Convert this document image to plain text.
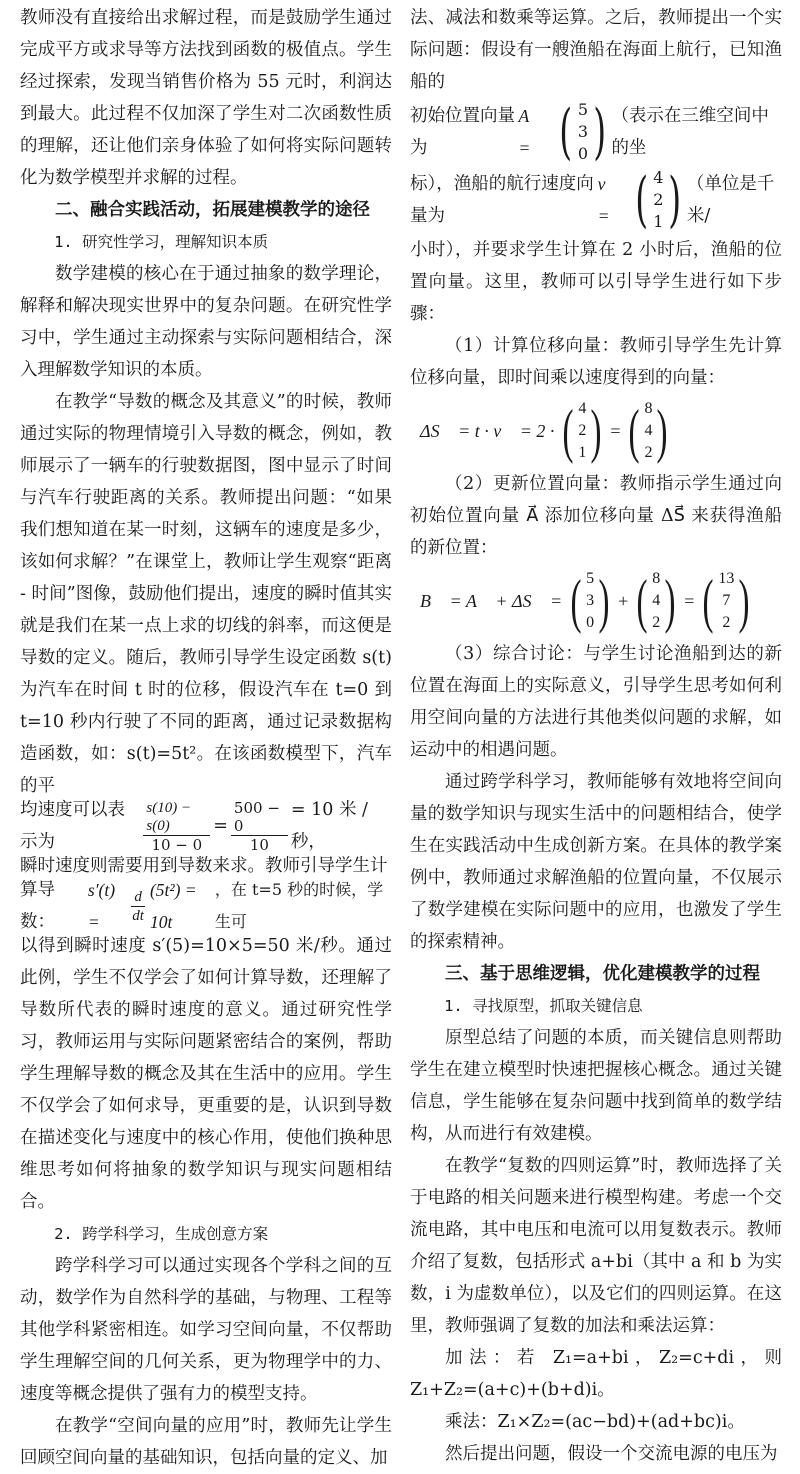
教师没有直接给出求解过程，而是鼓励学生通过完成平方或求导等方法找到函数的极值点。学生经过探索，发现当销售价格为 55 元时，利润达到最大。此过程不仅加深了学生对二次函数性质的理解，还让他们亲身体验了如何将实际问题转化为数学模型并求解的过程。

二、融合实践活动，拓展建模教学的途径

1. 研究性学习，理解知识本质

数学建模的核心在于通过抽象的数学理论，解释和解决现实世界中的复杂问题。在研究性学习中，学生通过主动探索与实际问题相结合，深入理解数学知识的本质。

在教学“导数的概念及其意义”的时候，教师通过实际的物理情境引入导数的概念，例如，教师展示了一辆车的行驶数据图，图中显示了时间与汽车行驶距离的关系。教师提出问题：“如果我们想知道在某一时刻，这辆车的速度是多少，该如何求解？”在课堂上，教师让学生观察“距离 - 时间”图像，鼓励他们提出，速度的瞬时值其实就是我们在某一点上求的切线的斜率，而这便是导数的定义。随后，教师引导学生设定函数 s(t) 为汽车在时间 t 时的位移，假设汽车在 t=0 到 t=10 秒内行驶了不同的距离，通过记录数据构造函数，如：s(t)=5t²。在该函数模型下，汽车的平

均速度可以表示为	$\frac{s(10) - s(0)}{10 - 0} = \frac{500 - 0}{10} = 10$ 米 / 秒，

瞬时速度则需要用到导数来求。教师引导学生计

算导数：
s′(t) =	$\frac{d}{dt} (5t^2) = 10t$
，在 t=5 秒的时候，学生可

以得到瞬时速度 s′(5)=10×5=50 米/秒。通过此例，学生不仅学会了如何计算导数，还理解了导数所代表的瞬时速度的意义。通过研究性学习，教师运用与实际问题紧密结合的案例，帮助学生理解导数的概念及其在生活中的应用。学生不仅学会了如何求导，更重要的是，认识到导数在描述变化与速度中的核心作用，使他们换种思维思考如何将抽象的数学知识与现实问题相结合。

2. 跨学科学习，生成创意方案

跨学科学习可以通过实现各个学科之间的互动，数学作为自然科学的基础，与物理、工程等其他学科紧密相连。如学习空间向量，不仅帮助学生理解空间的几何关系，更为物理学中的力、速度等概念提供了强有力的模型支持。

在教学“空间向量的应用”时，教师先让学生回顾空间向量的基础知识，包括向量的定义、加

法、减法和数乘等运算。之后，教师提出一个实际问题：假设有一艘渔船在海面上航行，已知渔船的

初始位置向量为
A⃗ = ( 5
3
0 ) （表示在三维空间中的坐
标），渔船的航行速度向量为
v⃗ = ( 4
2
1 ) （单位是千米/

小时），并要求学生计算在 2 小时后，渔船的位置向量。这里，教师可以引导学生进行如下步骤：

（1）计算位移向量：教师引导学生先计算位移向量，即时间乘以速度得到的向量：

ΔS⃗ = t · v⃗ = 2 · ( 4
2
1 ) = ( 8
4
2 )

（2）更新位置向量：教师指示学生通过向初始位置向量 A⃗ 添加位移向量 ΔS⃗ 来获得渔船的新位置：

B⃗ = A⃗ + ΔS⃗ = ( 5
3
0 ) + ( 8
4
2 ) = ( 13
7
2 )

（3）综合讨论：与学生讨论渔船到达的新位置在海面上的实际意义，引导学生思考如何利用空间向量的方法进行其他类似问题的求解，如运动中的相遇问题。

通过跨学科学习，教师能够有效地将空间向量的数学知识与现实生活中的问题相结合，使学生在实践活动中生成创新方案。在具体的教学案例中，教师通过求解渔船的位置向量，不仅展示了数学建模在实际问题中的应用，也激发了学生的探索精神。

三、基于思维逻辑，优化建模教学的过程

1. 寻找原型，抓取关键信息

原型总结了问题的本质，而关键信息则帮助学生在建立模型时快速把握核心概念。通过关键信息，学生能够在复杂问题中找到简单的数学结构，从而进行有效建模。

在教学“复数的四则运算”时，教师选择了关于电路的相关问题来进行模型构建。考虑一个交流电路，其中电压和电流可以用复数表示。教师介绍了复数，包括形式 a+bi（其中 a 和 b 为实数，i 为虚数单位），以及它们的四则运算。在这里，教师强调了复数的加法和乘法运算：

加法：若 Z₁=a+bi，Z₂=c+di，则 Z₁+Z₂=(a+c)+(b+d)i。

乘法：Z₁×Z₂=(ac−bd)+(ad+bc)i。

然后提出问题，假设一个交流电源的电压为
